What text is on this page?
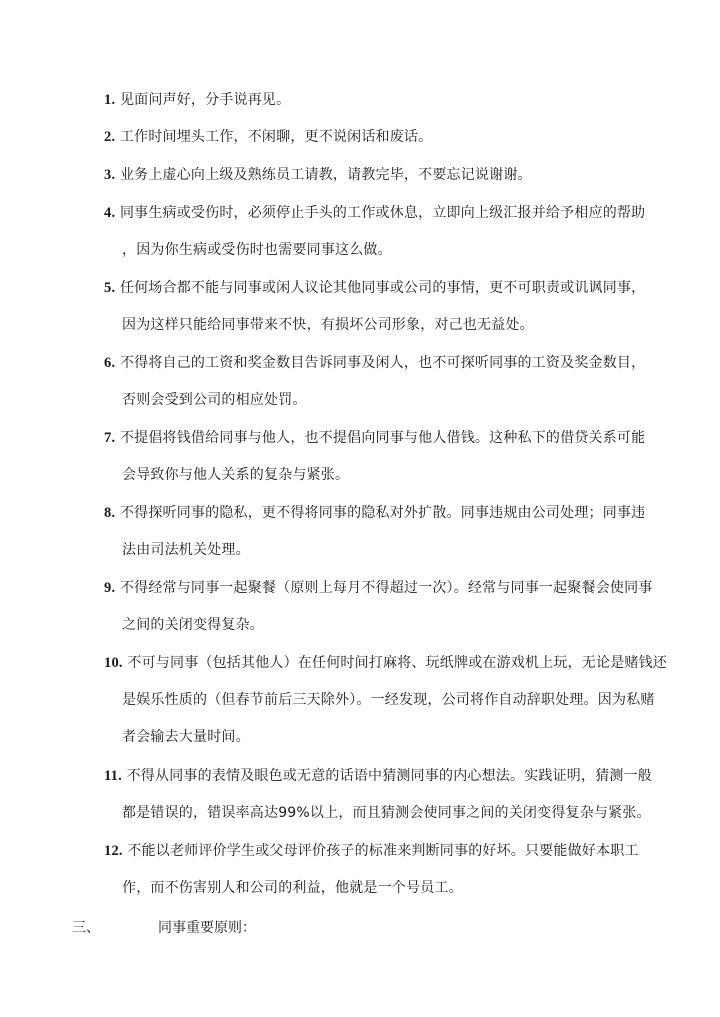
1. 见面问声好，分手说再见。
2. 工作时间埋头工作，不闲聊，更不说闲话和废话。
3. 业务上虚心向上级及熟练员工请教，请教完毕，不要忘记说谢谢。
4. 同事生病或受伤时，必须停止手头的工作或休息，立即向上级汇报并给予相应的帮助
，因为你生病或受伤时也需要同事这么做。
5. 任何场合都不能与同事或闲人议论其他同事或公司的事情，更不可职责或讥讽同事，
因为这样只能给同事带来不快，有损坏公司形象，对己也无益处。
6. 不得将自己的工资和奖金数目告诉同事及闲人，也不可探听同事的工资及奖金数目，
否则会受到公司的相应处罚。
7. 不提倡将钱借给同事与他人，也不提倡向同事与他人借钱。这种私下的借贷关系可能
会导致你与他人关系的复杂与紧张。
8. 不得探听同事的隐私，更不得将同事的隐私对外扩散。同事违规由公司处理；同事违
法由司法机关处理。
9. 不得经常与同事一起聚餐（原则上每月不得超过一次）。经常与同事一起聚餐会使同事
之间的关闭变得复杂。
10. 不可与同事（包括其他人）在任何时间打麻将、玩纸牌或在游戏机上玩，无论是赌钱还
是娱乐性质的（但春节前后三天除外）。一经发现，公司将作自动辞职处理。因为私赌
者会输去大量时间。
11. 不得从同事的表情及眼色或无意的话语中猜测同事的内心想法。实践证明，猜测一般
都是错误的，错误率高达99%以上，而且猜测会使同事之间的关闭变得复杂与紧张。
12. 不能以老师评价学生或父母评价孩子的标准来判断同事的好坏。只要能做好本职工
作，而不伤害别人和公司的利益，他就是一个号员工。
三、	同事重要原则：
